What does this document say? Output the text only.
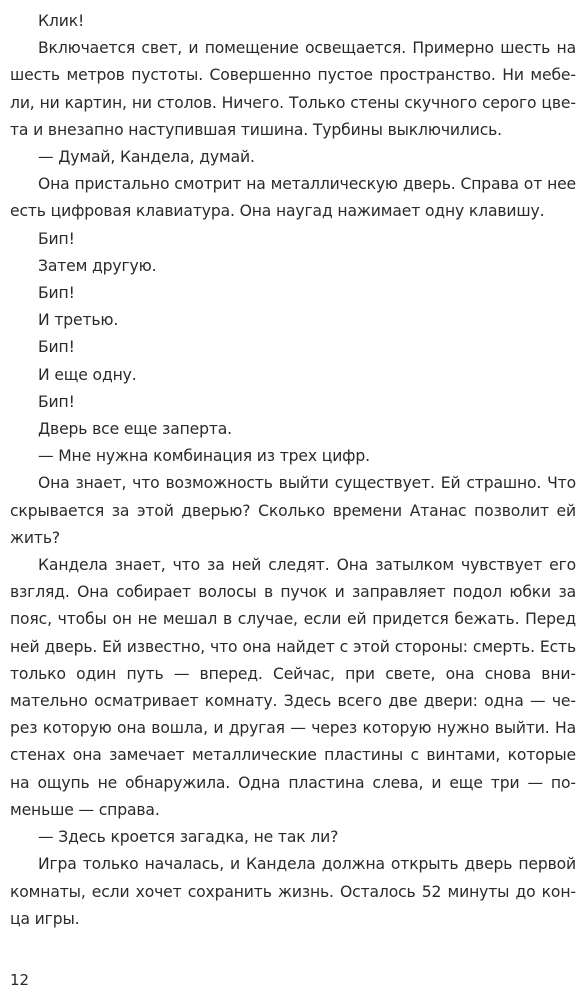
Клик!

Включается свет, и помещение освещается. Примерно шесть на шесть метров пустоты. Совершенно пустое пространство. Ни мебели, ни картин, ни столов. Ничего. Только стены скучного серого цвета и внезапно наступившая тишина. Турбины выключились.

— Думай, Кандела, думай.

Она пристально смотрит на металлическую дверь. Справа от нее есть цифровая клавиатура. Она наугад нажимает одну клавишу.

Бип!

Затем другую.

Бип!

И третью.

Бип!

И еще одну.

Бип!

Дверь все еще заперта.

— Мне нужна комбинация из трех цифр.

Она знает, что возможность выйти существует. Ей страшно. Что скрывается за этой дверью? Сколько времени Атанас позволит ей жить?

Кандела знает, что за ней следят. Она затылком чувствует его взгляд. Она собирает волосы в пучок и заправляет подол юбки за пояс, чтобы он не мешал в случае, если ей придется бежать. Перед ней дверь. Ей известно, что она найдет с этой стороны: смерть. Есть только один путь — вперед. Сейчас, при свете, она снова внимательно осматривает комнату. Здесь всего две двери: одна — через которую она вошла, и другая — через которую нужно выйти. На стенах она замечает металлические пластины с винтами, которые на ощупь не обнаружила. Одна пластина слева, и еще три — поменьше — справа.

— Здесь кроется загадка, не так ли?

Игра только началась, и Кандела должна открыть дверь первой комнаты, если хочет сохранить жизнь. Осталось 52 минуты до конца игры.

12
